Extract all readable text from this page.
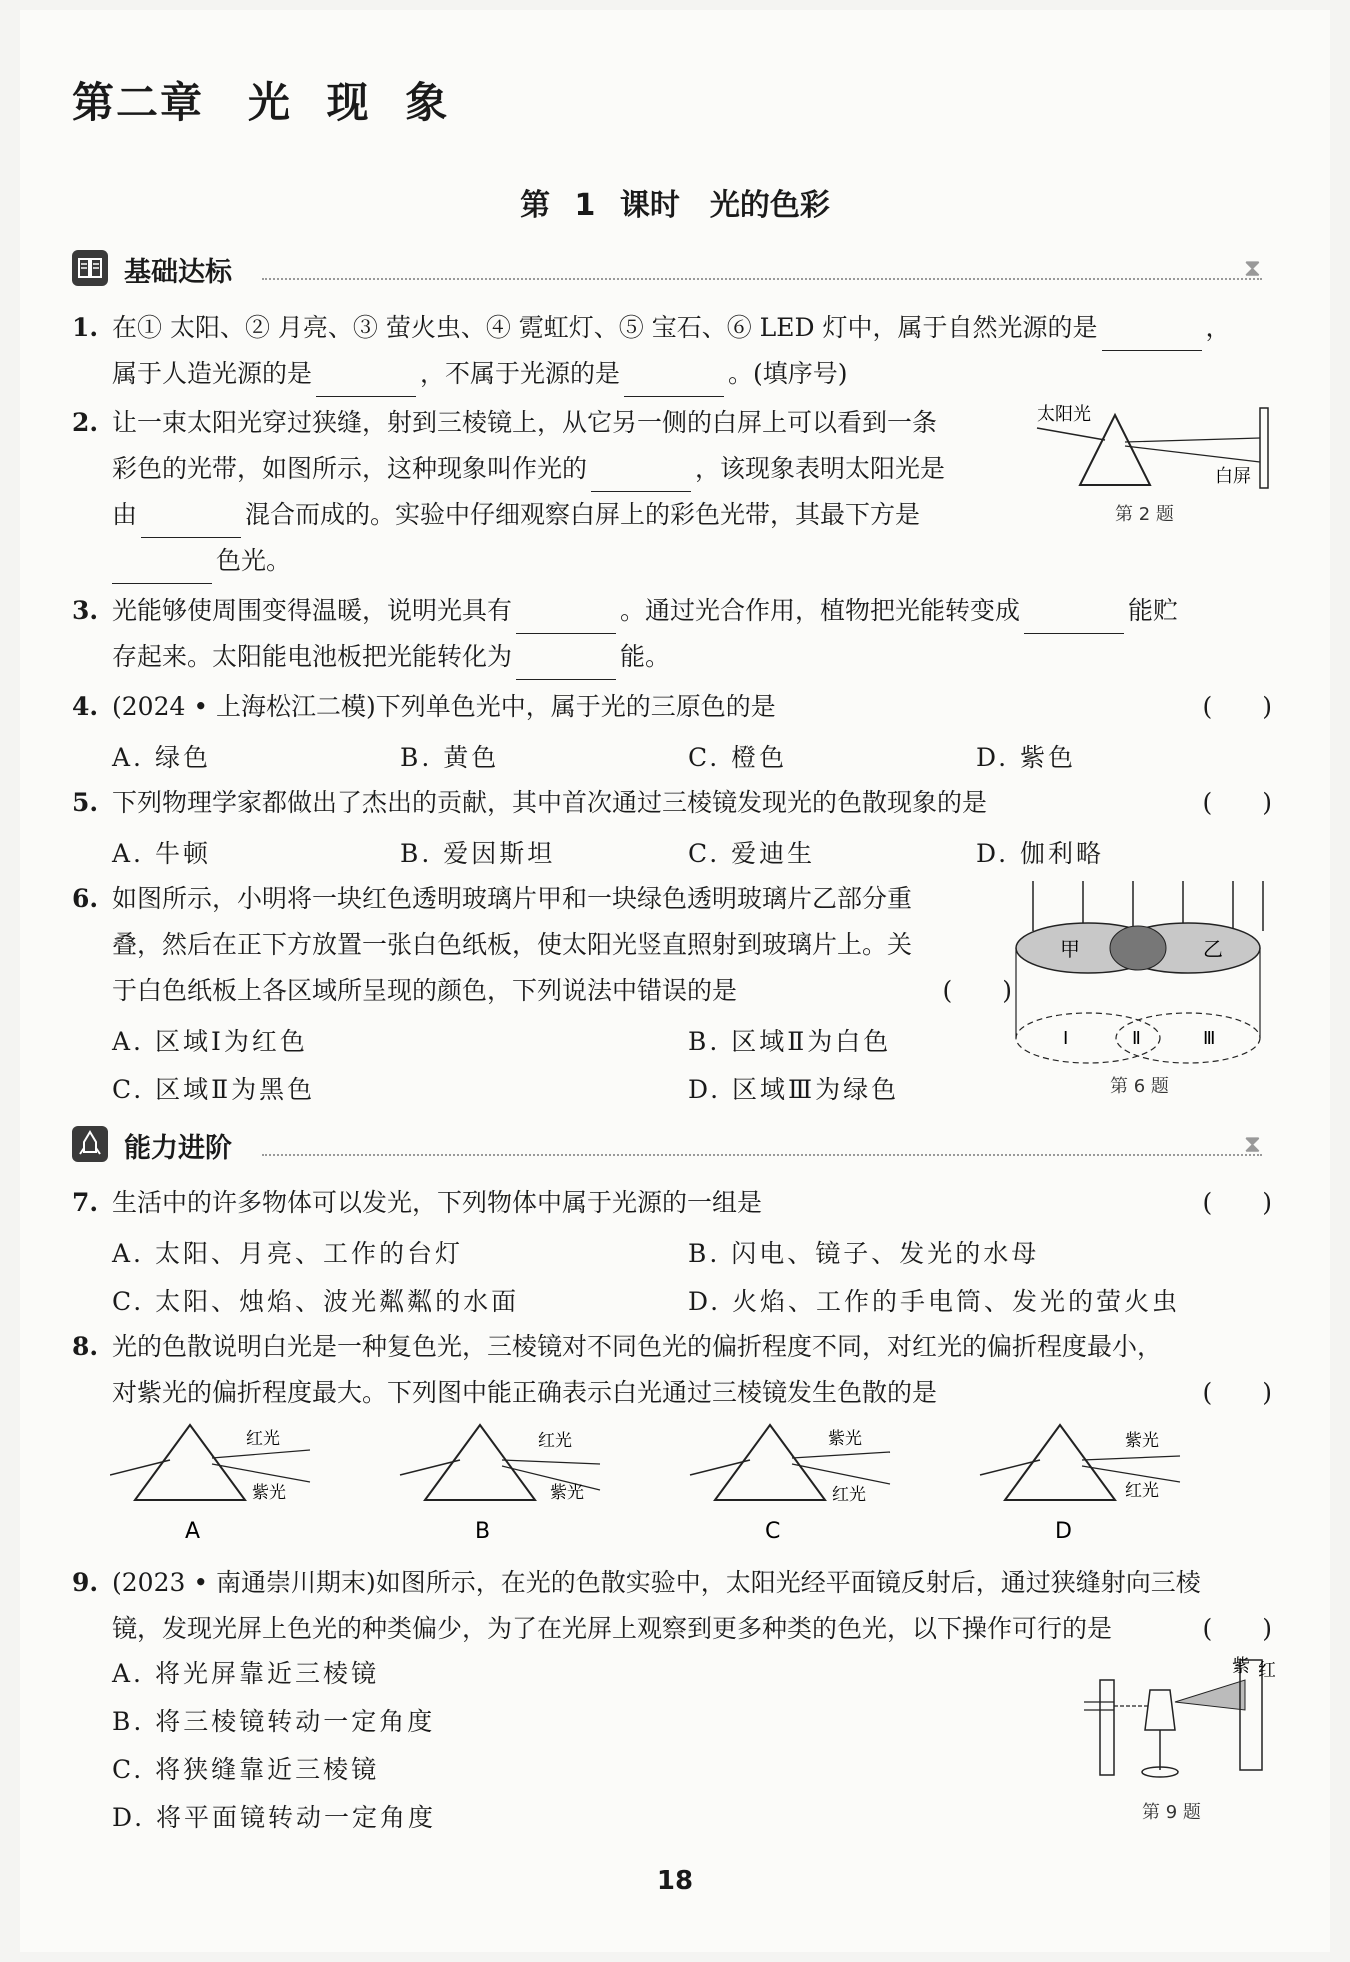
第二章　光 现 象
第 1 课时　光的色彩
基础达标	⧗
1. 在① 太阳、② 月亮、③ 萤火虫、④ 霓虹灯、⑤ 宝石、⑥ LED 灯中，属于自然光源的是	，
属于人造光源的是	，不属于光源的是	。(填序号)
2. 让一束太阳光穿过狭缝，射到三棱镜上，从它另一侧的白屏上可以看到一条
彩色的光带，如图所示，这种现象叫作光的	，该现象表明太阳光是
由	混合而成的。实验中仔细观察白屏上的彩色光带，其最下方是
色光。
太阳光
白屏
第 2 题
3. 光能够使周围变得温暖，说明光具有	。通过光合作用，植物把光能转变成	能贮
存起来。太阳能电池板把光能转化为	能。
4. (2024 • 上海松江二模)下列单色光中，属于光的三原色的是	(　　)
A. 绿色	B. 黄色	C. 橙色	D. 紫色
5. 下列物理学家都做出了杰出的贡献，其中首次通过三棱镜发现光的色散现象的是	(　　)
A. 牛顿	B. 爱因斯坦	C. 爱迪生	D. 伽利略
6. 如图所示，小明将一块红色透明玻璃片甲和一块绿色透明玻璃片乙部分重
叠，然后在正下方放置一张白色纸板，使太阳光竖直照射到玻璃片上。关
于白色纸板上各区域所呈现的颜色，下列说法中错误的是	(　　)
A. 区域Ⅰ为红色	B. 区域Ⅱ为白色
C. 区域Ⅱ为黑色	D. 区域Ⅲ为绿色
甲	乙
Ⅰ	Ⅱ	Ⅲ
第 6 题
能力进阶	⧗
7. 生活中的许多物体可以发光，下列物体中属于光源的一组是	(　　)
A. 太阳、月亮、工作的台灯	B. 闪电、镜子、发光的水母
C. 太阳、烛焰、波光粼粼的水面	D. 火焰、工作的手电筒、发光的萤火虫
8. 光的色散说明白光是一种复色光，三棱镜对不同色光的偏折程度不同，对红光的偏折程度最小，
对紫光的偏折程度最大。下列图中能正确表示白光通过三棱镜发生色散的是	(　　)
红光
紫光
A
红光
紫光
B
紫光
红光
C
紫光
红光
D
9. (2023 • 南通崇川期末)如图所示，在光的色散实验中，太阳光经平面镜反射后，通过狭缝射向三棱
镜，发现光屏上色光的种类偏少，为了在光屏上观察到更多种类的色光，以下操作可行的是	(　　)
A. 将光屏靠近三棱镜
B. 将三棱镜转动一定角度
C. 将狭缝靠近三棱镜
D. 将平面镜转动一定角度
紫 红
第 9 题
18
